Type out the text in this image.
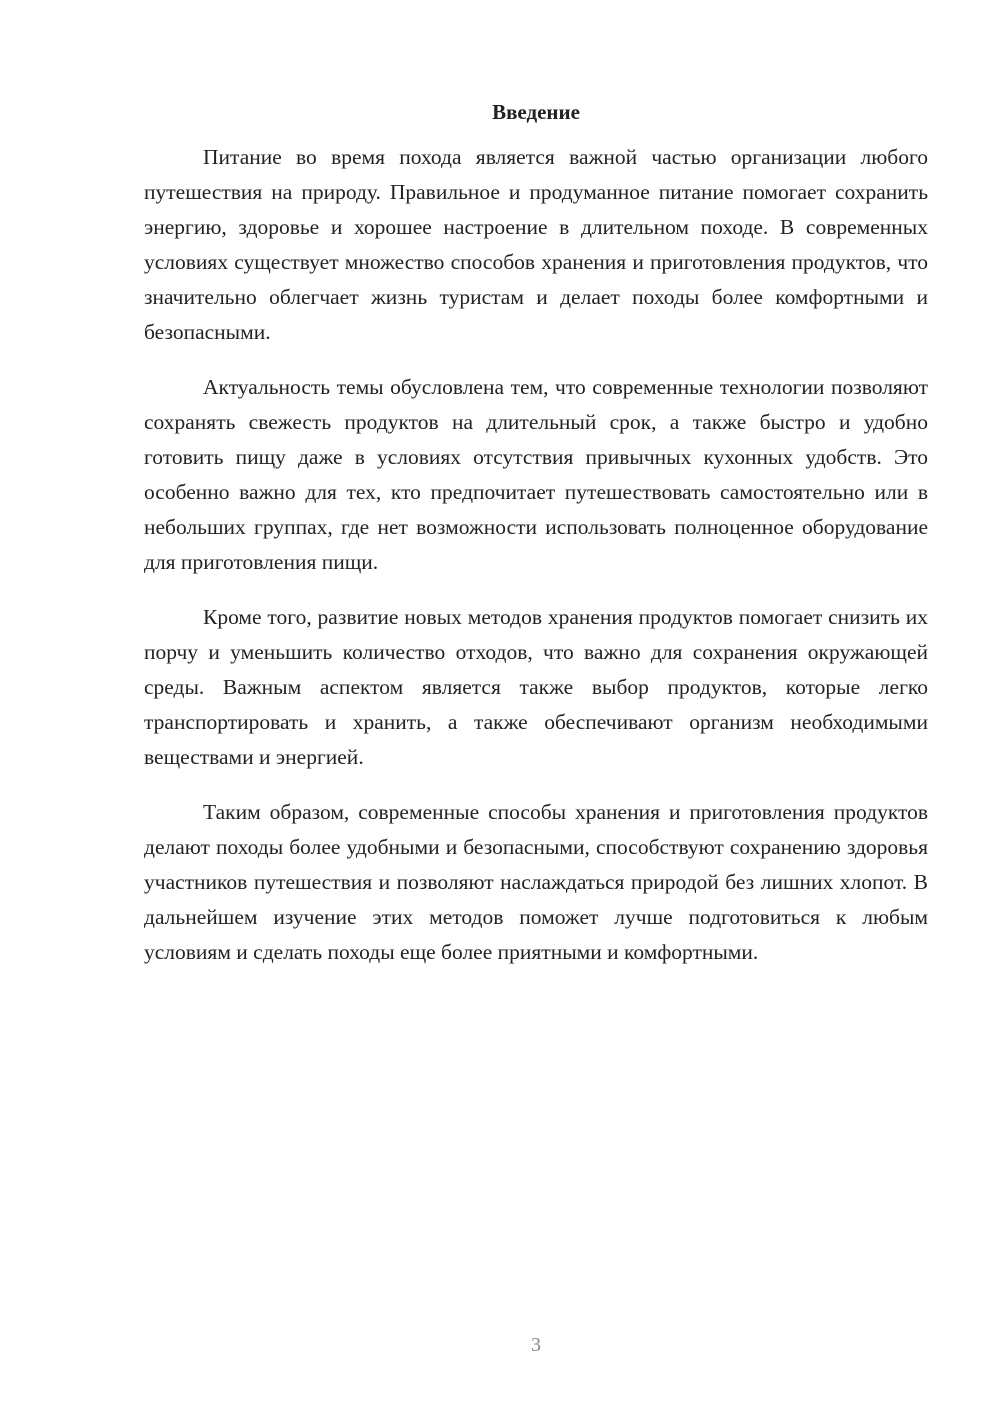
Введение

Питание во время похода является важной частью организации любого путешествия на природу. Правильное и продуманное питание помогает сохранить энергию, здоровье и хорошее настроение в длительном походе. В современных условиях существует множество способов хранения и приготовления продуктов, что значительно облегчает жизнь туристам и делает походы более комфортными и безопасными.

Актуальность темы обусловлена тем, что современные технологии позволяют сохранять свежесть продуктов на длительный срок, а также быстро и удобно готовить пищу даже в условиях отсутствия привычных кухонных удобств. Это особенно важно для тех, кто предпочитает путешествовать самостоятельно или в небольших группах, где нет возможности использовать полноценное оборудование для приготовления пищи.

Кроме того, развитие новых методов хранения продуктов помогает снизить их порчу и уменьшить количество отходов, что важно для сохранения окружающей среды. Важным аспектом является также выбор продуктов, которые легко транспортировать и хранить, а также обеспечивают организм необходимыми веществами и энергией.

Таким образом, современные способы хранения и приготовления продуктов делают походы более удобными и безопасными, способствуют сохранению здоровья участников путешествия и позволяют наслаждаться природой без лишних хлопот. В дальнейшем изучение этих методов поможет лучше подготовиться к любым условиям и сделать походы еще более приятными и комфортными.

3
